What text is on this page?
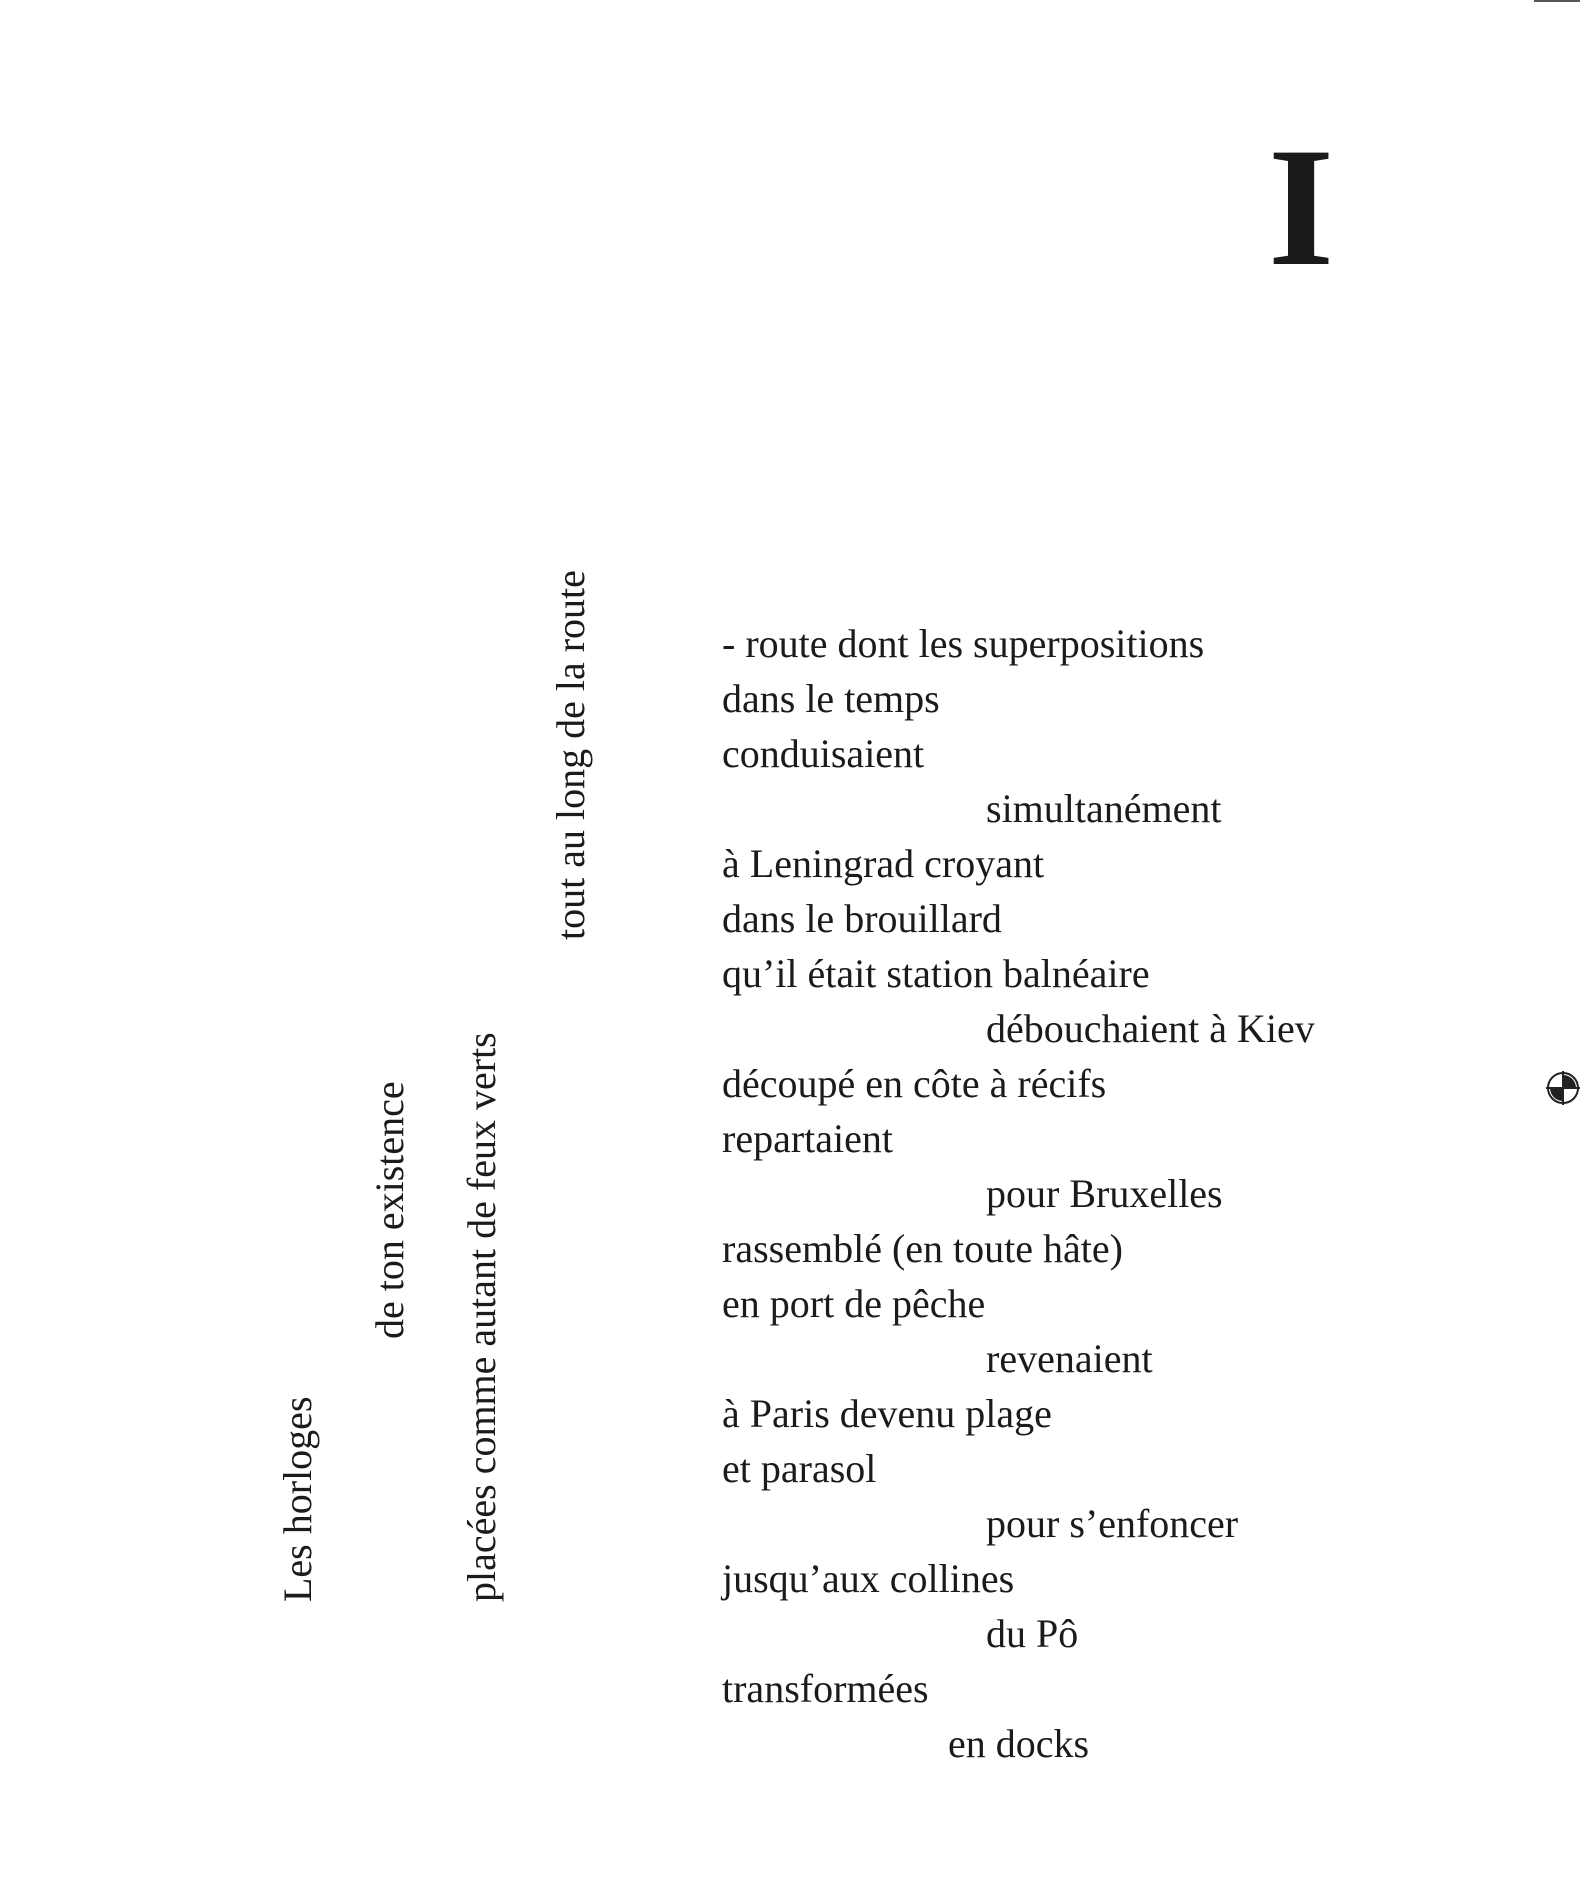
I
Les horloges
de ton existence placées comme autant de feux verts
tout au long de la route	- route dont les superpositions
dans le temps
conduisaient
simultanément
à Leningrad croyant
dans le brouillard
qu’il était station balnéaire
débouchaient à Kiev
découpé en côte à récifs
repartaient
pour Bruxelles
rassemblé (en toute hâte)
en port de pêche
revenaient
à Paris devenu plage
et parasol
pour s’enfoncer
jusqu’aux collines
du Pô
transformées
en docks
